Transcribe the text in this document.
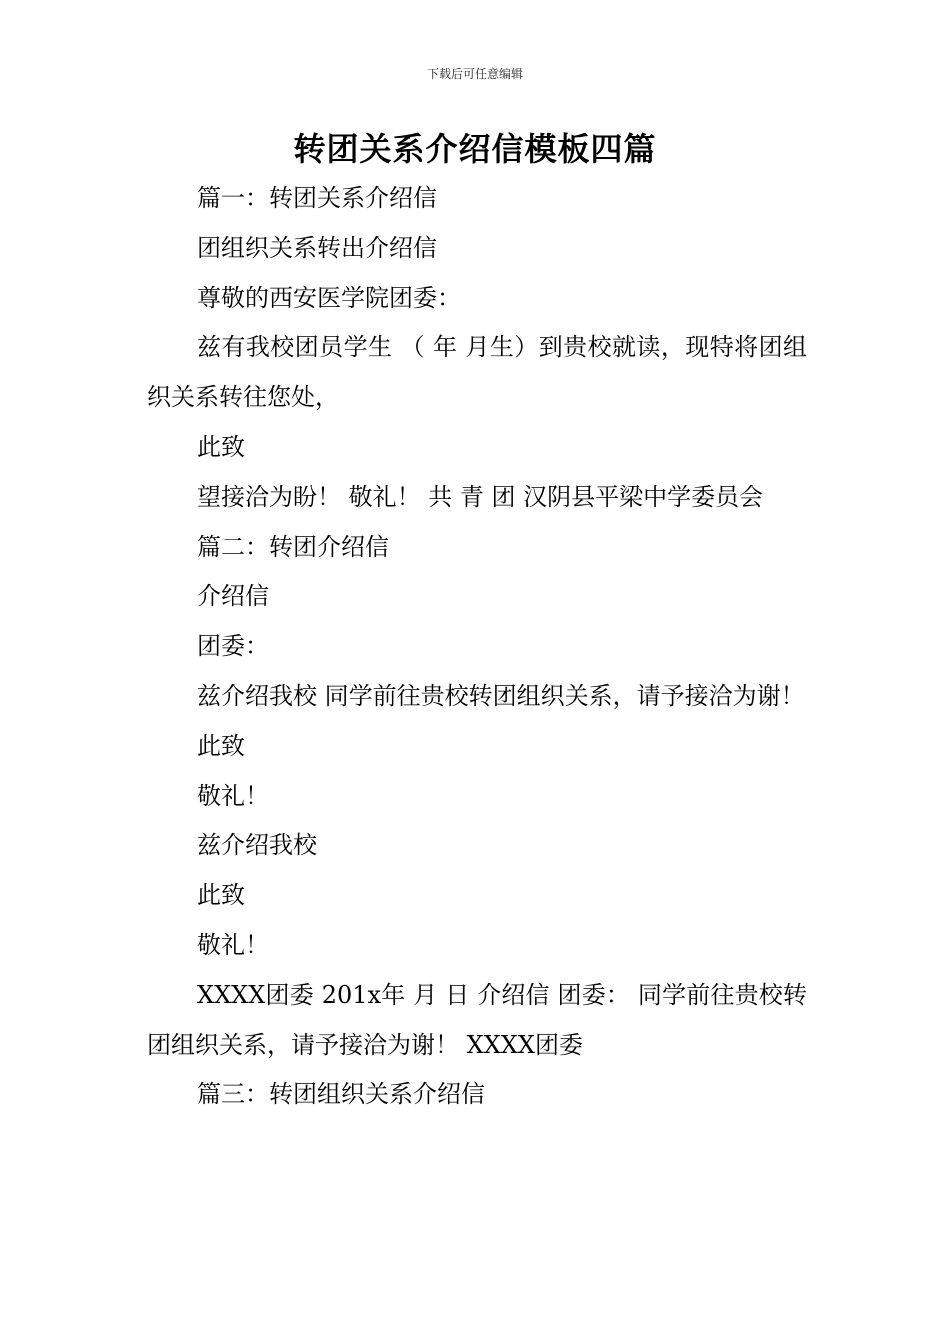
下载后可任意编辑
转团关系介绍信模板四篇

篇一：转团关系介绍信

团组织关系转出介绍信

尊敬的西安医学院团委：

兹有我校团员学生 （ 年 月生）到贵校就读，现特将团组织关系转往您处，

此致

望接洽为盼！ 敬礼！ 共 青 团 汉阴县平梁中学委员会

篇二：转团介绍信

介绍信

团委：

兹介绍我校 同学前往贵校转团组织关系，请予接洽为谢！

此致

敬礼！

兹介绍我校

此致

敬礼！

XXXX团委 201x年 月 日 介绍信 团委： 同学前往贵校转团组织关系，请予接洽为谢！ XXXX团委

篇三：转团组织关系介绍信
